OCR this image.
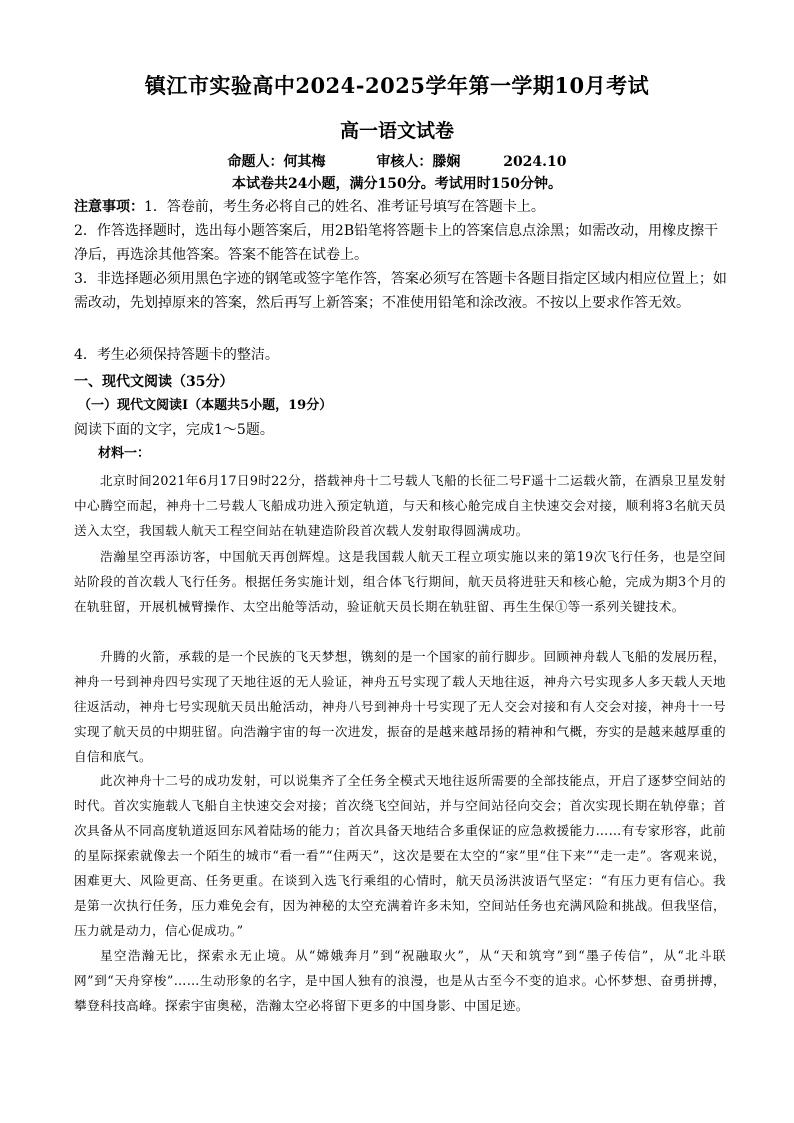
镇江市实验高中2024-2025学年第一学期10月考试
高一语文试卷
命题人：何其梅	审核人：滕娴	2024.10
本试卷共24小题，满分150分。考试用时150分钟。
注意事项：1．答卷前，考生务必将自己的姓名、准考证号填写在答题卡上。
2．作答选择题时，选出每小题答案后，用2B铅笔将答题卡上的答案信息点涂黑；如需改动，用橡皮擦干净后，再选涂其他答案。答案不能答在试卷上。
3．非选择题必须用黑色字迹的钢笔或签字笔作答，答案必须写在答题卡各题目指定区域内相应位置上；如需改动，先划掉原来的答案，然后再写上新答案；不准使用铅笔和涂改液。不按以上要求作答无效。
4．考生必须保持答题卡的整洁。
一、现代文阅读（35分）
（一）现代文阅读Ⅰ（本题共5小题，19分）
阅读下面的文字，完成1～5题。
材料一：
北京时间2021年6月17日9时22分，搭载神舟十二号载人飞船的长征二号F遥十二运载火箭，在酒泉卫星发射中心腾空而起，神舟十二号载人飞船成功进入预定轨道，与天和核心舱完成自主快速交会对接，顺利将3名航天员送入太空，我国载人航天工程空间站在轨建造阶段首次载人发射取得圆满成功。
浩瀚星空再添访客，中国航天再创辉煌。这是我国载人航天工程立项实施以来的第19次飞行任务，也是空间站阶段的首次载人飞行任务。根据任务实施计划，组合体飞行期间，航天员将进驻天和核心舱，完成为期3个月的在轨驻留，开展机械臂操作、太空出舱等活动，验证航天员长期在轨驻留、再生生保①等一系列关键技术。
升腾的火箭，承载的是一个民族的飞天梦想，镌刻的是一个国家的前行脚步。回顾神舟载人飞船的发展历程，神舟一号到神舟四号实现了天地往返的无人验证，神舟五号实现了载人天地往返，神舟六号实现多人多天载人天地往返活动，神舟七号实现航天员出舱活动，神舟八号到神舟十号实现了无人交会对接和有人交会对接，神舟十一号实现了航天员的中期驻留。向浩瀚宇宙的每一次进发，振奋的是越来越昂扬的精神和气概，夯实的是越来越厚重的自信和底气。
此次神舟十二号的成功发射，可以说集齐了全任务全模式天地往返所需要的全部技能点，开启了逐梦空间站的时代。首次实施载人飞船自主快速交会对接；首次绕飞空间站，并与空间站径向交会；首次实现长期在轨停靠；首次具备从不同高度轨道返回东风着陆场的能力；首次具备天地结合多重保证的应急救援能力……有专家形容，此前的星际探索就像去一个陌生的城市“看一看”“住两天”，这次是要在太空的“家”里“住下来”“走一走”。客观来说，困难更大、风险更高、任务更重。在谈到入选飞行乘组的心情时，航天员汤洪波语气坚定：“有压力更有信心。我是第一次执行任务，压力难免会有，因为神秘的太空充满着许多未知，空间站任务也充满风险和挑战。但我坚信，压力就是动力，信心促成功。”
星空浩瀚无比，探索永无止境。从“嫦娥奔月”到“祝融取火”，从“天和筑穹”到“墨子传信”，从“北斗联网”到“天舟穿梭”……生动形象的名字，是中国人独有的浪漫，也是从古至今不变的追求。心怀梦想、奋勇拼搏，攀登科技高峰。探索宇宙奥秘，浩瀚太空必将留下更多的中国身影、中国足迹。
